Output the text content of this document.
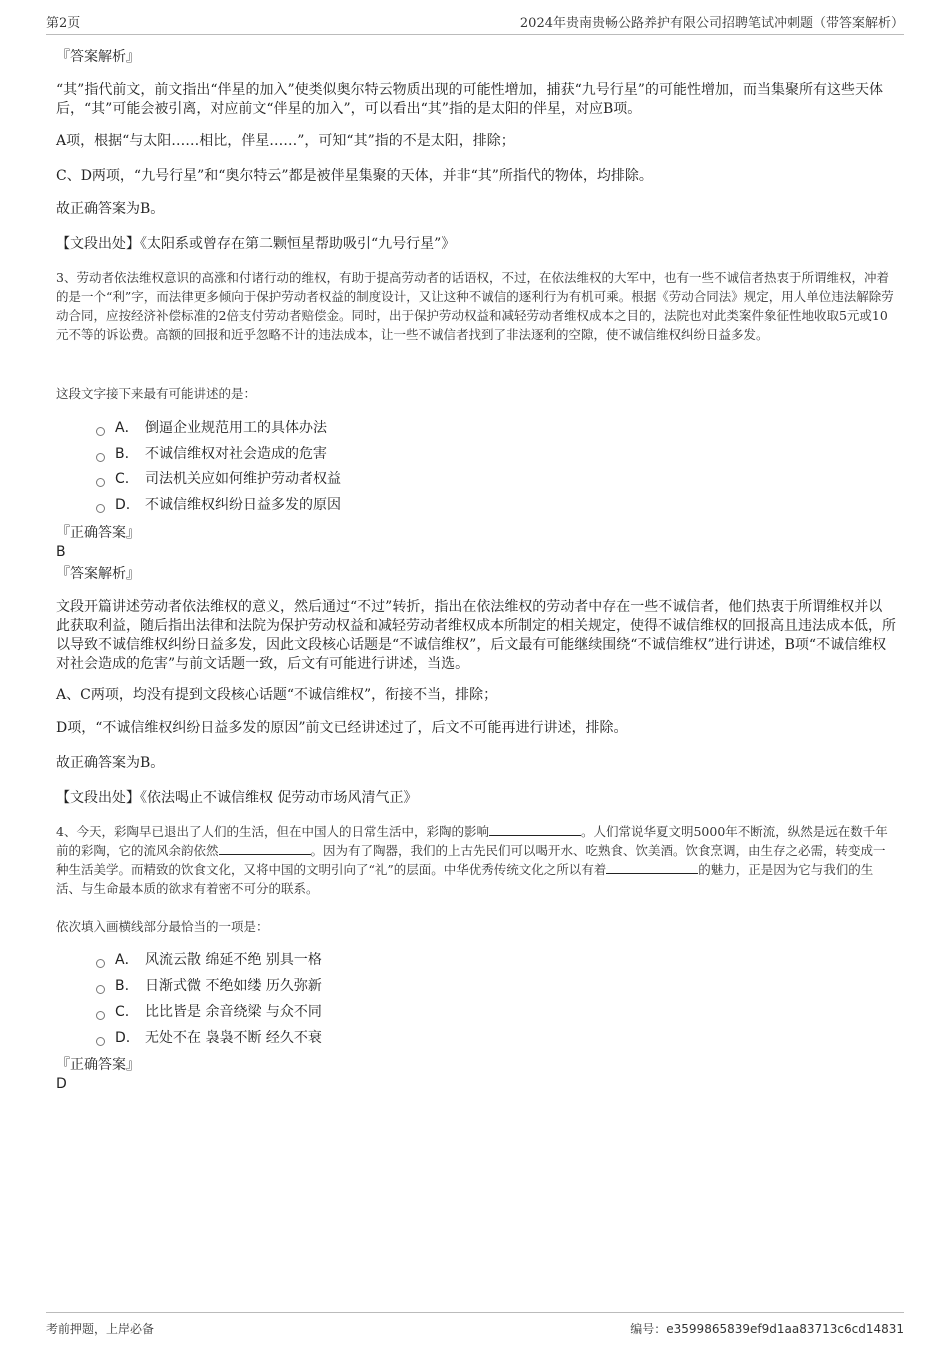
第2页	2024年贵南贵畅公路养护有限公司招聘笔试冲刺题（带答案解析）
『答案解析』
“其”指代前文，前文指出“伴星的加入”使类似奥尔特云物质出现的可能性增加，捕获“九号行星”的可能性增加，而当集聚所有这些天体后，“其”可能会被引离，对应前文“伴星的加入”，可以看出“其”指的是太阳的伴星，对应B项。
A项，根据“与太阳……相比，伴星……”，可知“其”指的不是太阳，排除；
C、D两项，“九号行星”和“奥尔特云”都是被伴星集聚的天体，并非“其”所指代的物体，均排除。
故正确答案为B。
【文段出处】《太阳系或曾存在第二颗恒星帮助吸引“九号行星”》
3、劳动者依法维权意识的高涨和付诸行动的维权，有助于提高劳动者的话语权，不过，在依法维权的大军中，也有一些不诚信者热衷于所谓维权，冲着的是一个“利”字，而法律更多倾向于保护劳动者权益的制度设计，又让这种不诚信的逐利行为有机可乘。根据《劳动合同法》规定，用人单位违法解除劳动合同，应按经济补偿标准的2倍支付劳动者赔偿金。同时，出于保护劳动权益和减轻劳动者维权成本之目的，法院也对此类案件象征性地收取5元或10元不等的诉讼费。高额的回报和近乎忽略不计的违法成本，让一些不诚信者找到了非法逐利的空隙，使不诚信维权纠纷日益多发。
这段文字接下来最有可能讲述的是：
A． 倒逼企业规范用工的具体办法
B.	不诚信维权对社会造成的危害
C.	司法机关应如何维护劳动者权益
D.	不诚信维权纠纷日益多发的原因
『正确答案』
B
『答案解析』
文段开篇讲述劳动者依法维权的意义，然后通过“不过”转折，指出在依法维权的劳动者中存在一些不诚信者，他们热衷于所谓维权并以此获取利益，随后指出法律和法院为保护劳动权益和减轻劳动者维权成本所制定的相关规定，使得不诚信维权的回报高且违法成本低，所以导致不诚信维权纠纷日益多发，因此文段核心话题是“不诚信维权”，后文最有可能继续围绕“不诚信维权”进行讲述，B项“不诚信维权对社会造成的危害”与前文话题一致，后文有可能进行讲述，当选。
A、C两项，均没有提到文段核心话题“不诚信维权”，衔接不当，排除；
D项，“不诚信维权纠纷日益多发的原因”前文已经讲述过了，后文不可能再进行讲述，排除。
故正确答案为B。
【文段出处】《依法喝止不诚信维权 促劳动市场风清气正》
4、今天，彩陶早已退出了人们的生活，但在中国人的日常生活中，彩陶的影响	。人们常说华夏文明5000年不断流，纵然是远在数千年前的彩陶，它的流风余韵依然	。因为有了陶器，我们的上古先民们可以喝开水、吃熟食、饮美酒。饮食烹调，由生存之必需，转变成一种生活美学。而精致的饮食文化，又将中国的文明引向了“礼”的层面。中华优秀传统文化之所以有着	的魅力，正是因为它与我们的生活、与生命最本质的欲求有着密不可分的联系。
依次填入画横线部分最恰当的一项是：
A． 风流云散 绵延不绝 别具一格
B.	日渐式微 不绝如缕 历久弥新
C.	比比皆是 余音绕梁 与众不同
D.	无处不在 袅袅不断 经久不衰
『正确答案』
D
考前押题，上岸必备	编号：e3599865839ef9d1aa83713c6cd14831
